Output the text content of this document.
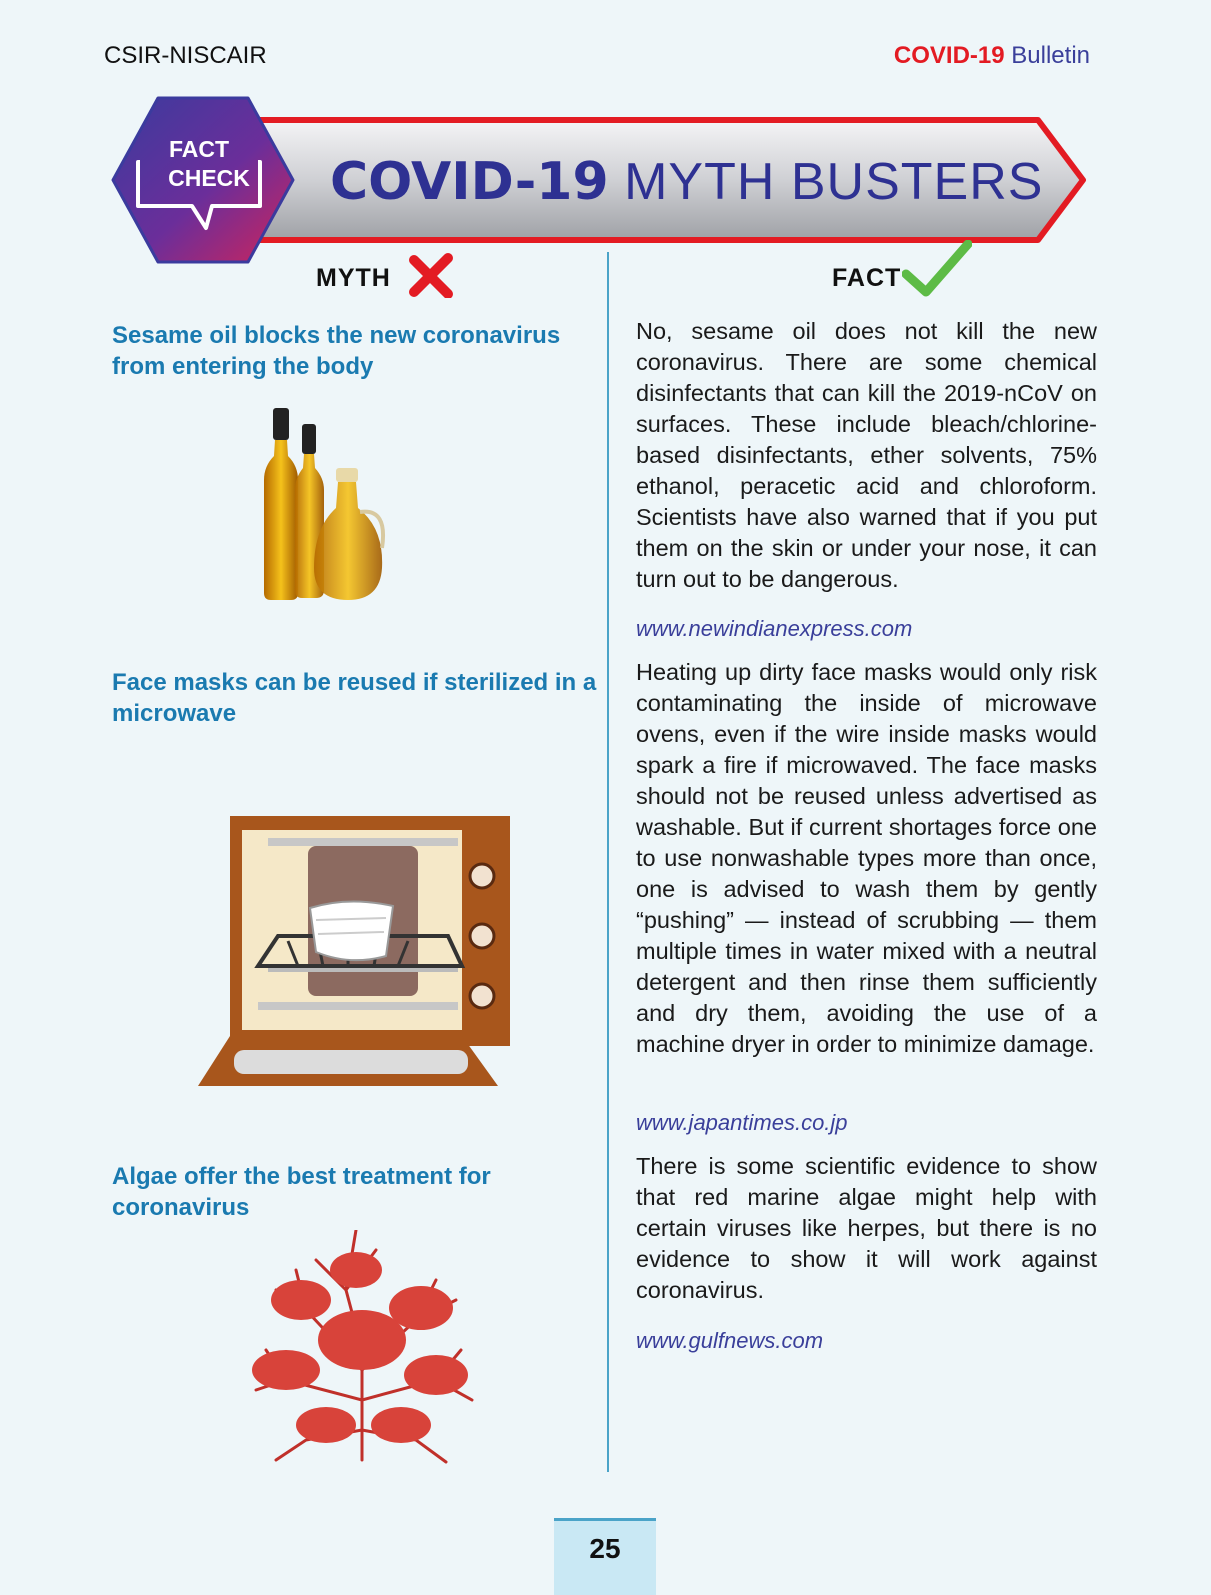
CSIR-NISCAIR	COVID-19 Bulletin
FACT
CHECK COVID-19 MYTH BUSTERS
MYTH	FACT
Sesame oil blocks the new coronavirus from entering the body
No, sesame oil does not kill the new coronavirus. There are some chemical disinfectants that can kill the 2019-nCoV on surfaces. These include bleach/chlorine-based disinfectants, ether solvents, 75% ethanol, peracetic acid and chloroform. Scientists have also warned that if you put them on the skin or under your nose, it can turn out to be dangerous.
www.newindianexpress.com
Face masks can be reused if sterilized in a microwave
Heating up dirty face masks would only risk contaminating the inside of microwave ovens, even if the wire inside masks would spark a fire if microwaved. The face masks should not be reused unless advertised as washable. But if current shortages force one to use nonwashable types more than once, one is advised to wash them by gently “pushing” — instead of scrubbing — them multiple times in water mixed with a neutral detergent and then rinse them sufficiently and dry them, avoiding the use of a machine dryer in order to minimize damage.
www.japantimes.co.jp
Algae offer the best treatment for coronavirus
There is some scientific evidence to show that red marine algae might help with certain viruses like herpes, but there is no evidence to show it will work against coronavirus.
www.gulfnews.com
25
